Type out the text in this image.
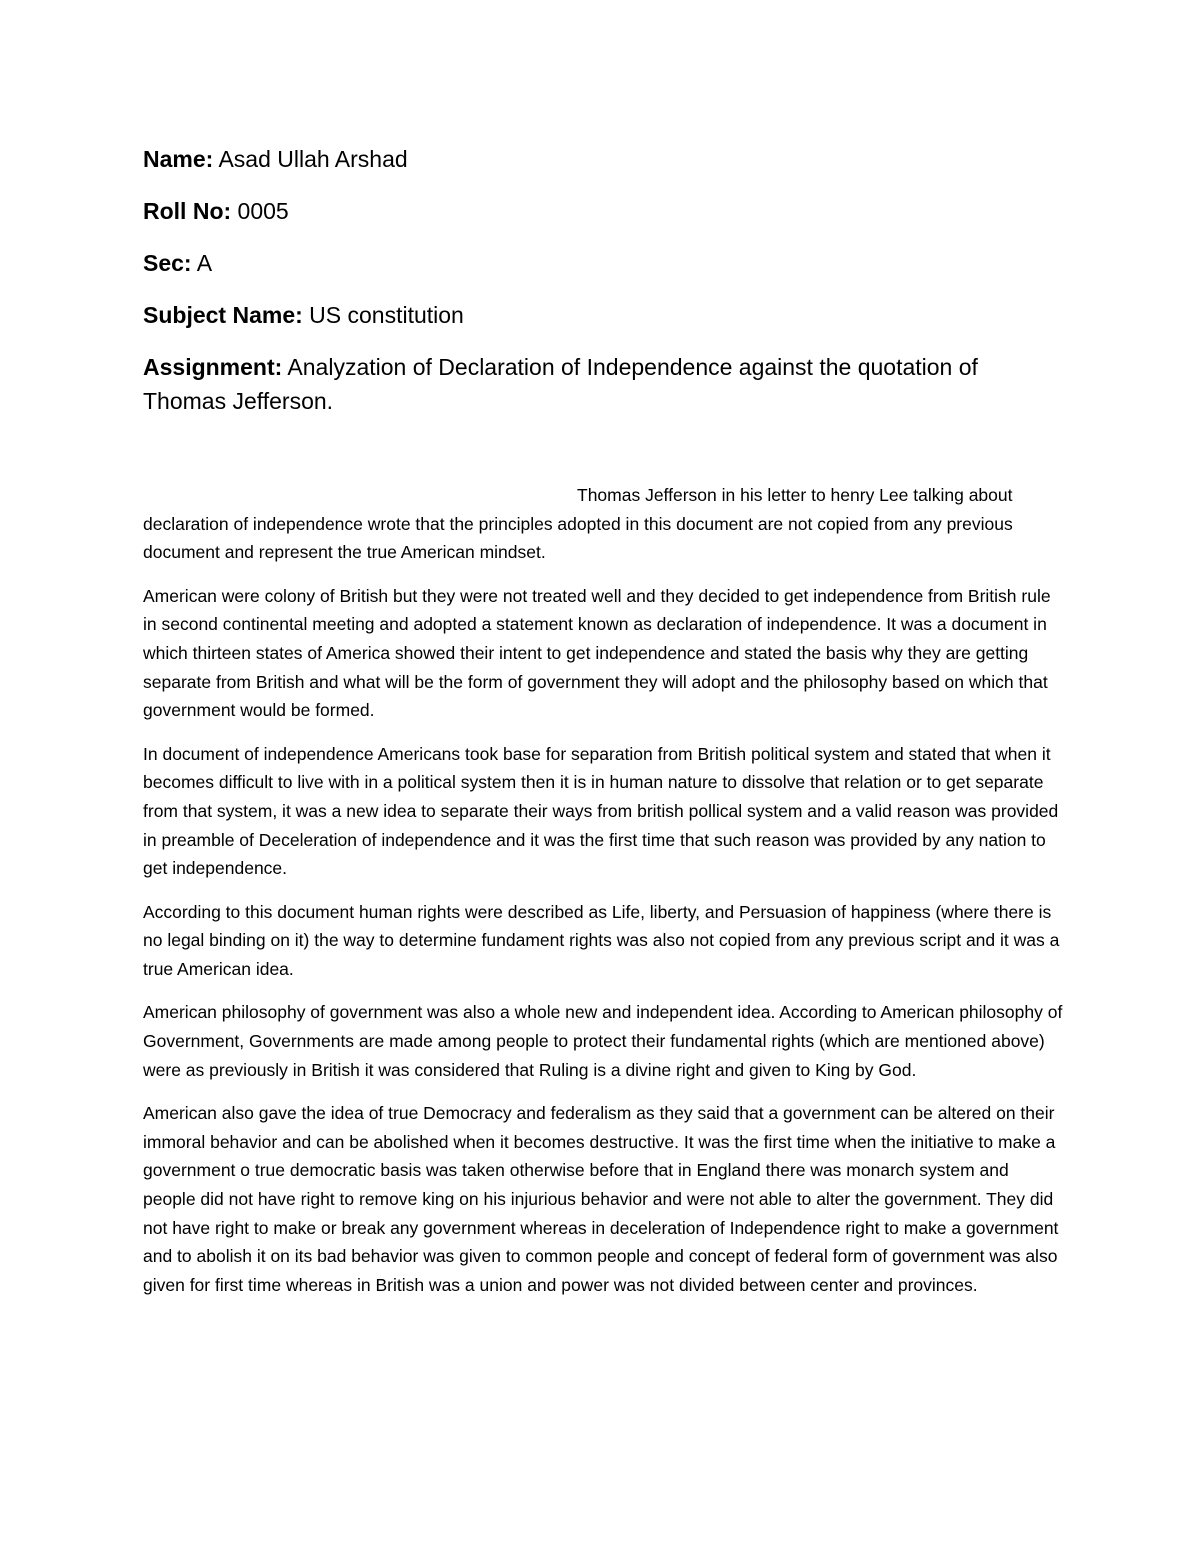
Name: Asad Ullah Arshad
Roll No: 0005
Sec: A
Subject Name: US constitution
Assignment: Analyzation of Declaration of Independence against the quotation of Thomas Jefferson.

Thomas Jefferson in his letter to henry Lee talking about declaration of independence wrote that the principles adopted in this document are not copied from any previous document and represent the true American mindset.

American were colony of British but they were not treated well and they decided to get independence from British rule in second continental meeting and adopted a statement known as declaration of independence. It was a document in which thirteen states of America showed their intent to get independence and stated the basis why they are getting separate from British and what will be the form of government they will adopt and the philosophy based on which that government would be formed.

In document of independence Americans took base for separation from British political system and stated that when it becomes difficult to live with in a political system then it is in human nature to dissolve that relation or to get separate from that system, it was a new idea to separate their ways from british pollical system and a valid reason was provided in preamble of Deceleration of independence and it was the first time that such reason was provided by any nation to get independence.

According to this document human rights were described as Life, liberty, and Persuasion of happiness (where there is no legal binding on it) the way to determine fundament rights was also not copied from any previous script and it was a true American idea.

American philosophy of government was also a whole new and independent idea. According to American philosophy of Government, Governments are made among people to protect their fundamental rights (which are mentioned above) were as previously in British it was considered that Ruling is a divine right and given to King by God.

American also gave the idea of true Democracy and federalism as they said that a government can be altered on their immoral behavior and can be abolished when it becomes destructive. It was the first time when the initiative to make a government o true democratic basis was taken otherwise before that in England there was monarch system and people did not have right to remove king on his injurious behavior and were not able to alter the government. They did not have right to make or break any government whereas in deceleration of Independence right to make a government and to abolish it on its bad behavior was given to common people and concept of federal form of government was also given for first time whereas in British was a union and power was not divided between center and provinces.
